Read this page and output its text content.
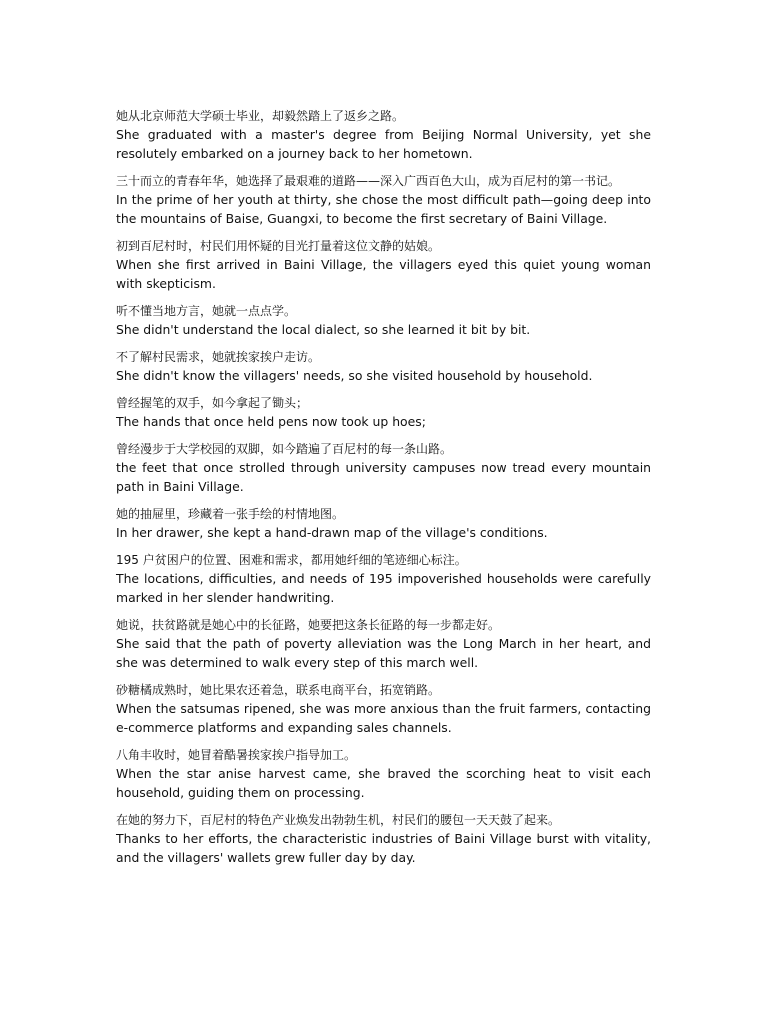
她从北京师范大学硕士毕业，却毅然踏上了返乡之路。
She graduated with a master's degree from Beijing Normal University, yet she resolutely embarked on a journey back to her hometown.
三十而立的青春年华，她选择了最艰难的道路——深入广西百色大山，成为百尼村的第一书记。
In the prime of her youth at thirty, she chose the most difficult path—going deep into the mountains of Baise, Guangxi, to become the first secretary of Baini Village.
初到百尼村时，村民们用怀疑的目光打量着这位文静的姑娘。
When she first arrived in Baini Village, the villagers eyed this quiet young woman with skepticism.
听不懂当地方言，她就一点点学。
She didn't understand the local dialect, so she learned it bit by bit.
不了解村民需求，她就挨家挨户走访。
She didn't know the villagers' needs, so she visited household by household.
曾经握笔的双手，如今拿起了锄头；
The hands that once held pens now took up hoes;
曾经漫步于大学校园的双脚，如今踏遍了百尼村的每一条山路。
the feet that once strolled through university campuses now tread every mountain path in Baini Village.
她的抽屉里，珍藏着一张手绘的村情地图。
In her drawer, she kept a hand-drawn map of the village's conditions.
195 户贫困户的位置、困难和需求，都用她纤细的笔迹细心标注。
The locations, difficulties, and needs of 195 impoverished households were carefully marked in her slender handwriting.
她说，扶贫路就是她心中的长征路，她要把这条长征路的每一步都走好。
She said that the path of poverty alleviation was the Long March in her heart, and she was determined to walk every step of this march well.
砂糖橘成熟时，她比果农还着急，联系电商平台，拓宽销路。
When the satsumas ripened, she was more anxious than the fruit farmers, contacting e-commerce platforms and expanding sales channels.
八角丰收时，她冒着酷暑挨家挨户指导加工。
When the star anise harvest came, she braved the scorching heat to visit each household, guiding them on processing.
在她的努力下，百尼村的特色产业焕发出勃勃生机，村民们的腰包一天天鼓了起来。
Thanks to her efforts, the characteristic industries of Baini Village burst with vitality, and the villagers' wallets grew fuller day by day.
